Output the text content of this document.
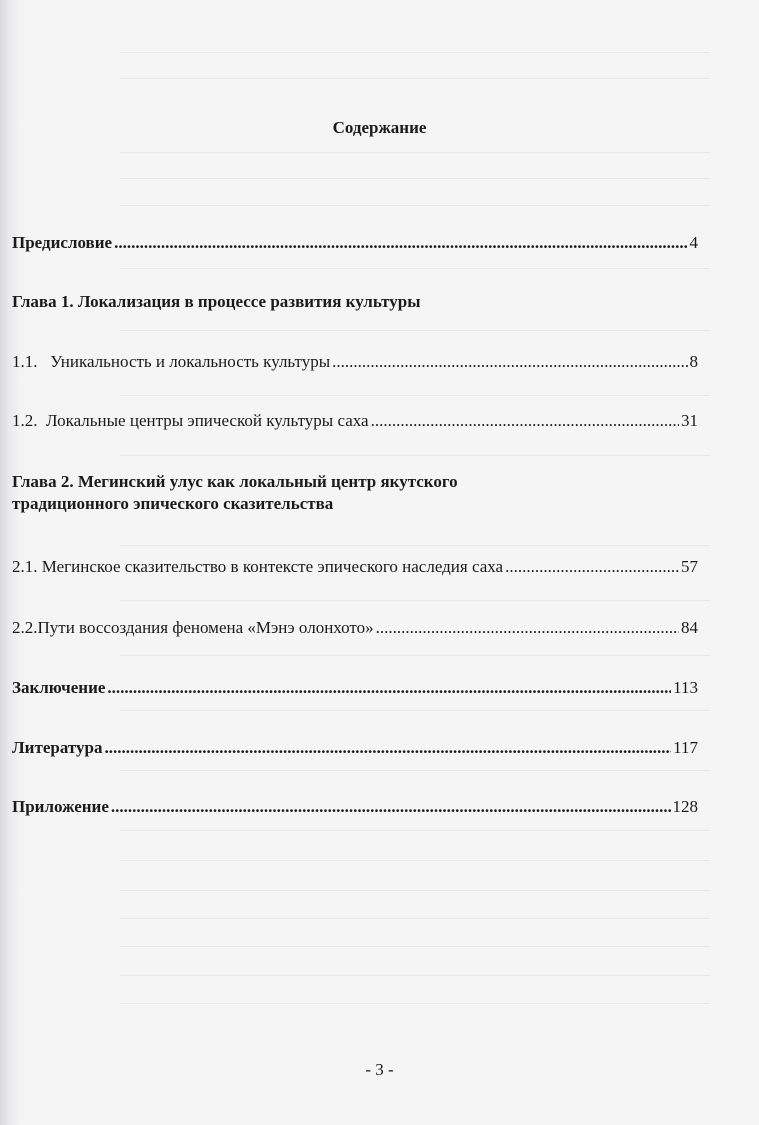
Содержание
Предисловие .....	4
Глава 1. Локализация в процессе развития культуры
1.1.   Уникальность и локальность культуры .....	8
1.2.  Локальные центры эпической культуры саха .....	31
Глава 2. Мегинский улус как локальный центр якутского
традиционного эпического сказительства
2.1. Мегинское сказительство в контексте эпического наследия саха .....	57
2.2.Пути воссоздания феномена «Мэнэ олонхото» .....	84
Заключение .....	113
Литература .....	117
Приложение .....	128
- 3 -
